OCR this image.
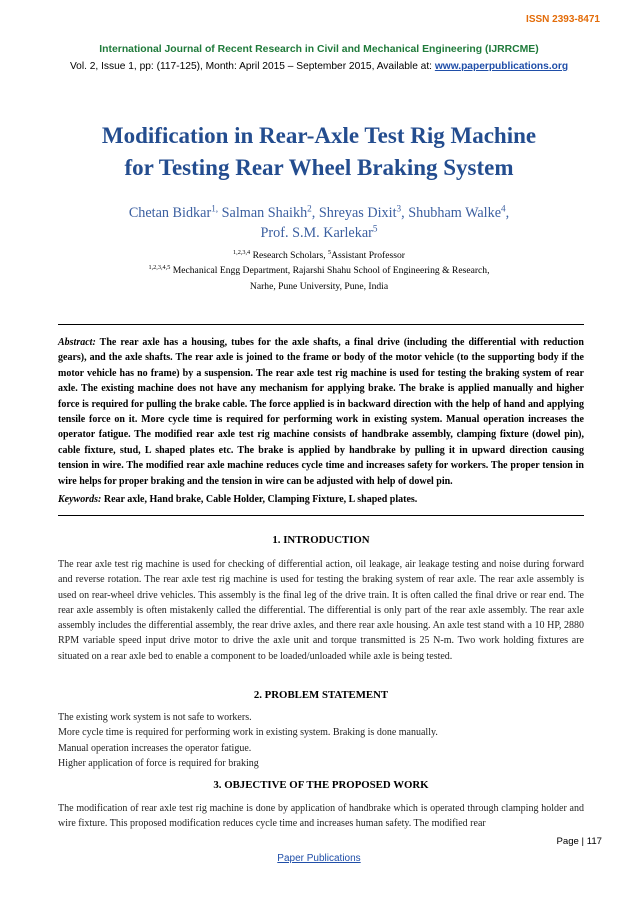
ISSN 2393-8471
International Journal of Recent Research in Civil and Mechanical Engineering (IJRRCME)
Vol. 2, Issue 1, pp: (117-125), Month: April 2015 – September 2015, Available at: www.paperpublications.org
Modification in Rear-Axle Test Rig Machine
for Testing Rear Wheel Braking System
Chetan Bidkar$^{1,}$ Salman Shaikh$^2$, Shreyas Dixit$^3$, Shubham Walke$^4$,
Prof. S.M. Karlekar$^5$
$^{1,2,3,4}$ Research Scholars, $^5$Assistant Professor
$^{1,2,3,4,5}$ Mechanical Engg Department, Rajarshi Shahu School of Engineering & Research,
Narhe, Pune University, Pune, India
Abstract: The rear axle has a housing, tubes for the axle shafts, a final drive (including the differential with reduction gears), and the axle shafts. The rear axle is joined to the frame or body of the motor vehicle (to the supporting body if the motor vehicle has no frame) by a suspension. The rear axle test rig machine is used for testing the braking system of rear axle. The existing machine does not have any mechanism for applying brake. The brake is applied manually and higher force is required for pulling the brake cable. The force applied is in backward direction with the help of hand and applying tensile force on it. More cycle time is required for performing work in existing system. Manual operation increases the operator fatigue. The modified rear axle test rig machine consists of handbrake assembly, clamping fixture (dowel pin), cable fixture, stud, L shaped plates etc. The brake is applied by handbrake by pulling it in upward direction causing tension in wire. The modified rear axle machine reduces cycle time and increases safety for workers. The proper tension in wire helps for proper braking and the tension in wire can be adjusted with help of dowel pin.
Keywords: Rear axle, Hand brake, Cable Holder, Clamping Fixture, L shaped plates.
1. INTRODUCTION
The rear axle test rig machine is used for checking of differential action, oil leakage, air leakage testing and noise during forward and reverse rotation. The rear axle test rig machine is used for testing the braking system of rear axle. The rear axle assembly is used on rear-wheel drive vehicles. This assembly is the final leg of the drive train. It is often called the final drive or rear end. The rear axle assembly is often mistakenly called the differential. The differential is only part of the rear axle assembly. The rear axle assembly includes the differential assembly, the rear drive axles, and there rear axle housing. An axle test stand with a 10 HP, 2880 RPM variable speed input drive motor to drive the axle unit and torque transmitted is 25 N-m. Two work holding fixtures are situated on a rear axle bed to enable a component to be loaded/unloaded while axle is being tested.
2. PROBLEM STATEMENT
The existing work system is not safe to workers.
More cycle time is required for performing work in existing system. Braking is done manually.
Manual operation increases the operator fatigue.
Higher application of force is required for braking
3. OBJECTIVE OF THE PROPOSED WORK
The modification of rear axle test rig machine is done by application of handbrake which is operated through clamping holder and wire fixture. This proposed modification reduces cycle time and increases human safety. The modified rear
Page | 117
Paper Publications
